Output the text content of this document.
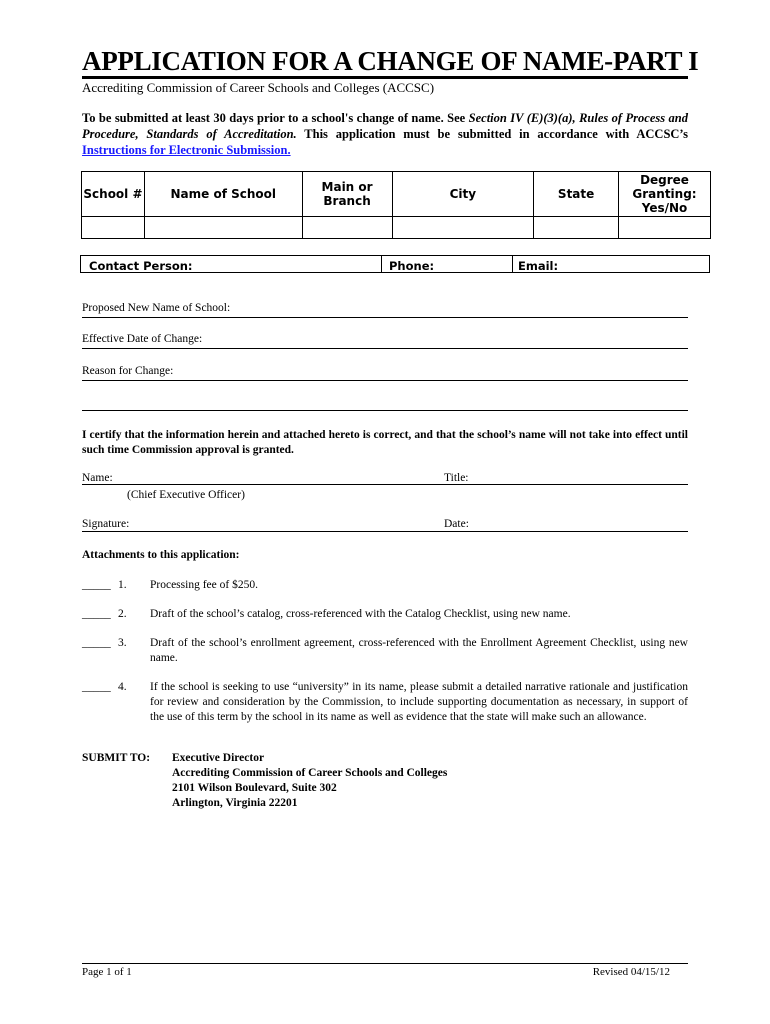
APPLICATION FOR A CHANGE OF NAME-PART I
Accrediting Commission of Career Schools and Colleges (ACCSC)
To be submitted at least 30 days prior to a school's change of name. See Section IV (E)(3)(a), Rules of Process and Procedure, Standards of Accreditation. This application must be submitted in accordance with ACCSC’s Instructions for Electronic Submission.
School #	Name of School	Main or Branch	City	State	Degree Granting: Yes/No

Contact Person:	Phone:	Email:
Proposed New Name of School:
Effective Date of Change:
Reason for Change:
I certify that the information herein and attached hereto is correct, and that the school’s name will not take into effect until such time Commission approval is granted.
Name:	Title:
(Chief Executive Officer)
Signature:	Date:
Attachments to this application:
_____ 1. Processing fee of $250.
_____ 2. Draft of the school’s catalog, cross-referenced with the Catalog Checklist, using new name.
_____ 3. Draft of the school’s enrollment agreement, cross-referenced with the Enrollment Agreement Checklist, using new name.
_____ 4. If the school is seeking to use “university” in its name, please submit a detailed narrative rationale and justification for review and consideration by the Commission, to include supporting documentation as necessary, in support of the use of this term by the school in its name as well as evidence that the state will make such an allowance.
SUBMIT TO: Executive Director
Accrediting Commission of Career Schools and Colleges
2101 Wilson Boulevard, Suite 302
Arlington, Virginia 22201
Page 1 of 1	Revised 04/15/12
